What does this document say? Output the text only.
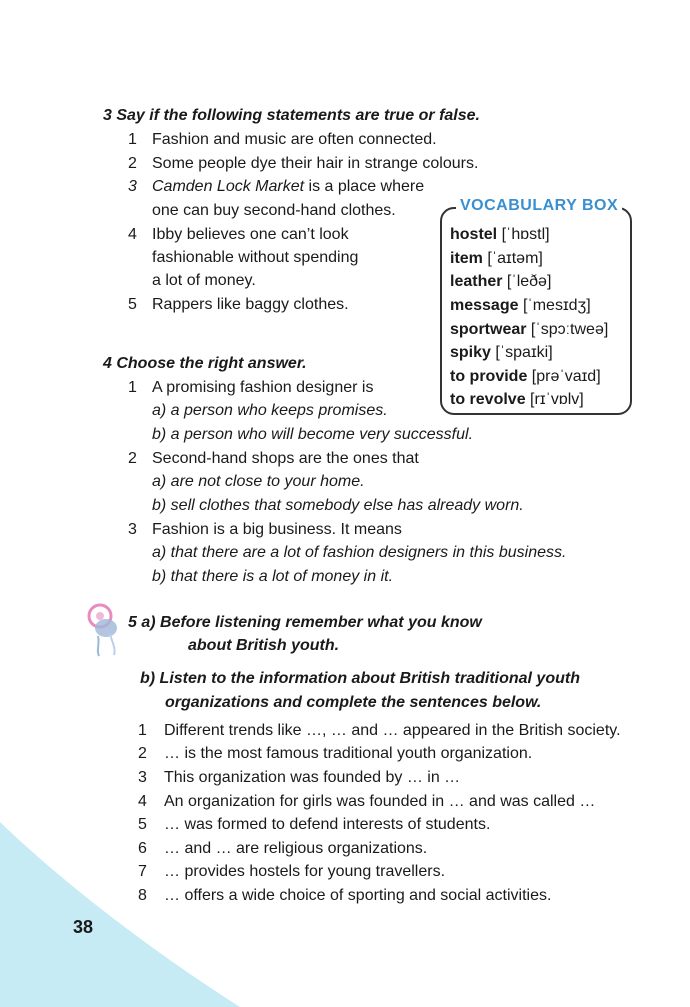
3 Say if the following statements are true or false.
1 Fashion and music are often connected.
2 Some people dye their hair in strange colours.
3 Camden Lock Market is a place where
one can buy second-hand clothes.
4 Ibby believes one can’t look
fashionable without spending
a lot of money.
5 Rappers like baggy clothes.
VOCABULARY BOX
hostel [ˈhɒstl]
item [ˈaɪtəm]
leather [ˈleðə]
message [ˈmesɪdʒ]
sportwear [ˈspɔːtweə]
spiky [ˈspaɪki]
to provide [prəˈvaɪd]
to revolve [rɪˈvɒlv]
4 Choose the right answer.
1 A promising fashion designer is
a) a person who keeps promises.
b) a person who will become very successful.
2 Second-hand shops are the ones that
a) are not close to your home.
b) sell clothes that somebody else has already worn.
3 Fashion is a big business. It means
a) that there are a lot of fashion designers in this business.
b) that there is a lot of money in it.
5 a) Before listening remember what you know
about British youth.
b) Listen to the information about British traditional youth
organizations and complete the sentences below.
1 Different trends like …, … and … appeared in the British society.
2 … is the most famous traditional youth organization.
3 This organization was founded by … in …
4 An organization for girls was founded in … and was called …
5 … was formed to defend interests of students.
6 … and … are religious organizations.
7 … provides hostels for young travellers.
8 … offers a wide choice of sporting and social activities.
38
